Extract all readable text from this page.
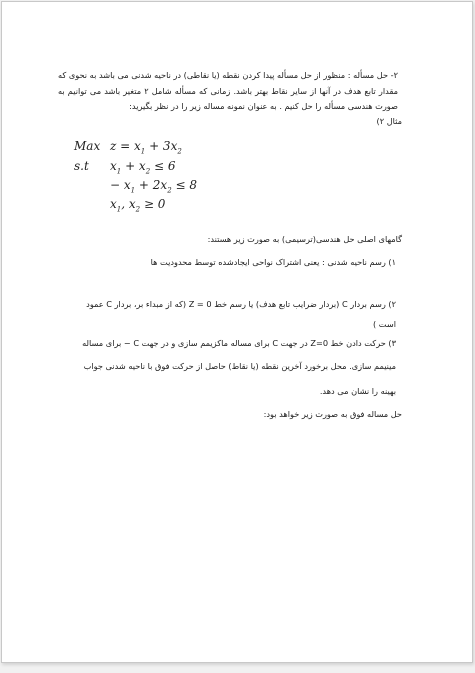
۲- حل مسأله : منظور از حل مسأله پیدا کردن نقطه (یا نقاطی) در ناحیه شدنی می باشد به نحوی که مقدار تابع هدف در آنها از سایر نقاط بهتر باشد. زمانی که مسأله شامل ۲ متغیر باشد می توانیم به صورت هندسی مسأله را حل کنیم . به عنوان نمونه مساله زیر را در نظر بگیرید:
مثال ۲)
Max $z = x_1 + 3x_2$
s.t $x_1 + x_2 \le 6$
− $x_1 + 2x_2 \le 8$
$x_1$, $x_2 \ge 0$
گامهای اصلی حل هندسی(ترسیمی) به صورت زیر هستند:
۱) رسم ناحیه شدنی : یعنی اشتراک نواحی ایجادشده توسط محدودیت ها
۲) رسم بردار C (بردار ضرایب تابع هدف) یا رسم خط Z = 0 (که از مبداء بر، بردار C عمود
است )
۳) حرکت دادن خط Z=0 در جهت C برای مساله ماکزیمم سازی و در جهت C − برای مساله
مینیمم سازی. محل برخورد آخرین نقطه (یا نقاط) حاصل از حرکت فوق با ناحیه شدنی جواب
بهینه را نشان می دهد.
حل مساله فوق به صورت زیر خواهد بود:
